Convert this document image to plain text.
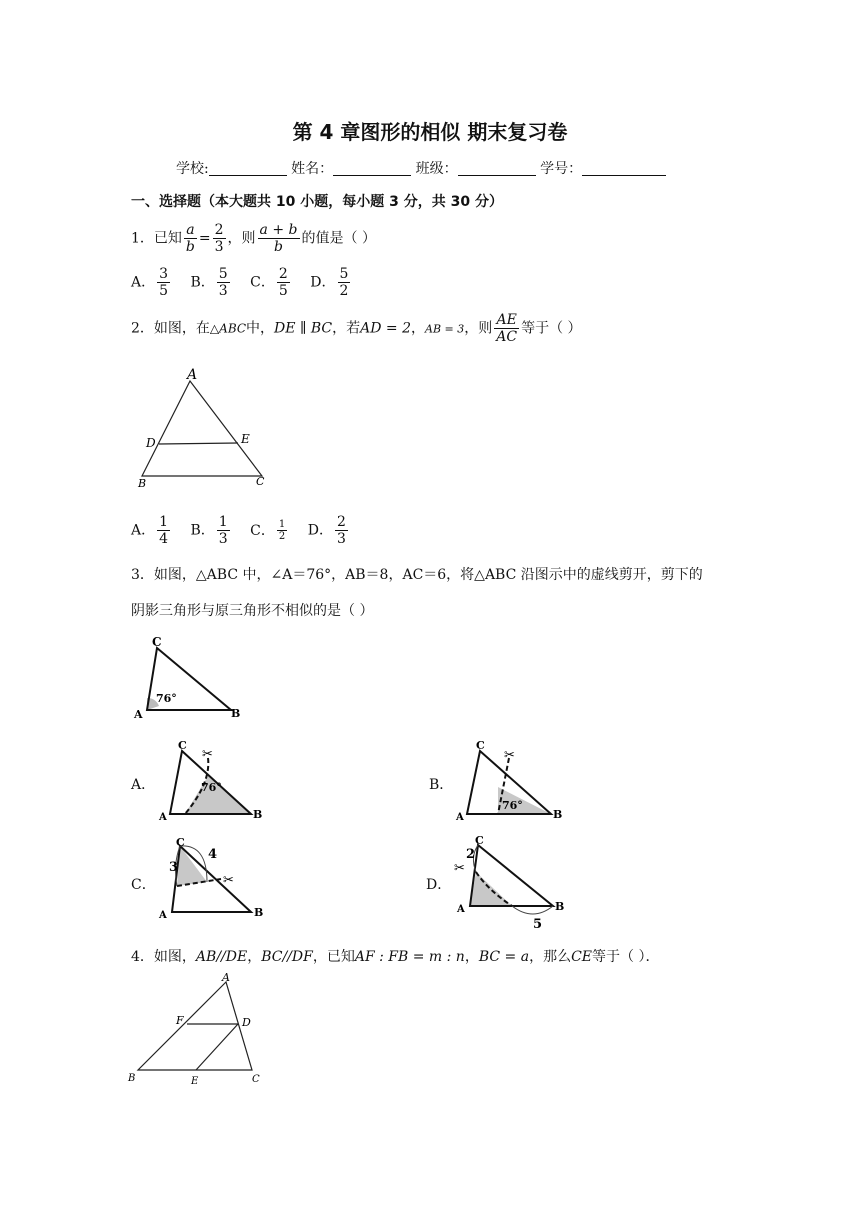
第 4 章图形的相似 期末复习卷
学校:	姓名：	班级：	学号：
一、选择题（本大题共 10 小题，每小题 3 分，共 30 分）
1．已知 $\frac{a}{b} = \frac{2}{3}$ ，则 $\frac{a + b}{b}$ 的值是（ ）
A． $\frac{3}{5}$ B． $\frac{5}{3}$ C． $\frac{2}{5}$ D． $\frac{5}{2}$
2．如图，在△ABC中，DE ∥ BC，若AD = 2，AB = 3，则 $\frac{AE}{AC}$ 等于（ ）
A
D	E
B	C
A． $\frac{1}{4}$ B． $\frac{1}{3}$ C． $\frac{1}{2}$ D． $\frac{2}{3}$
3．如图，△ABC 中，∠A＝76°，AB＝8，AC＝6，将△ABC 沿图示中的虚线剪开，剪下的
阴影三角形与原三角形不相似的是（ ）
C
A	B
76°
A．
✂
C
A	B
76°	B．
✂
C
A	B
76°
C．	✂
C
A	B
3
4
D．
✂
C
A	B
2
5
4．如图，AB//DE，BC//DF，已知AF : FB = m : n，BC = a，那么CE等于（ ）．
A
F	D
B	E	C
